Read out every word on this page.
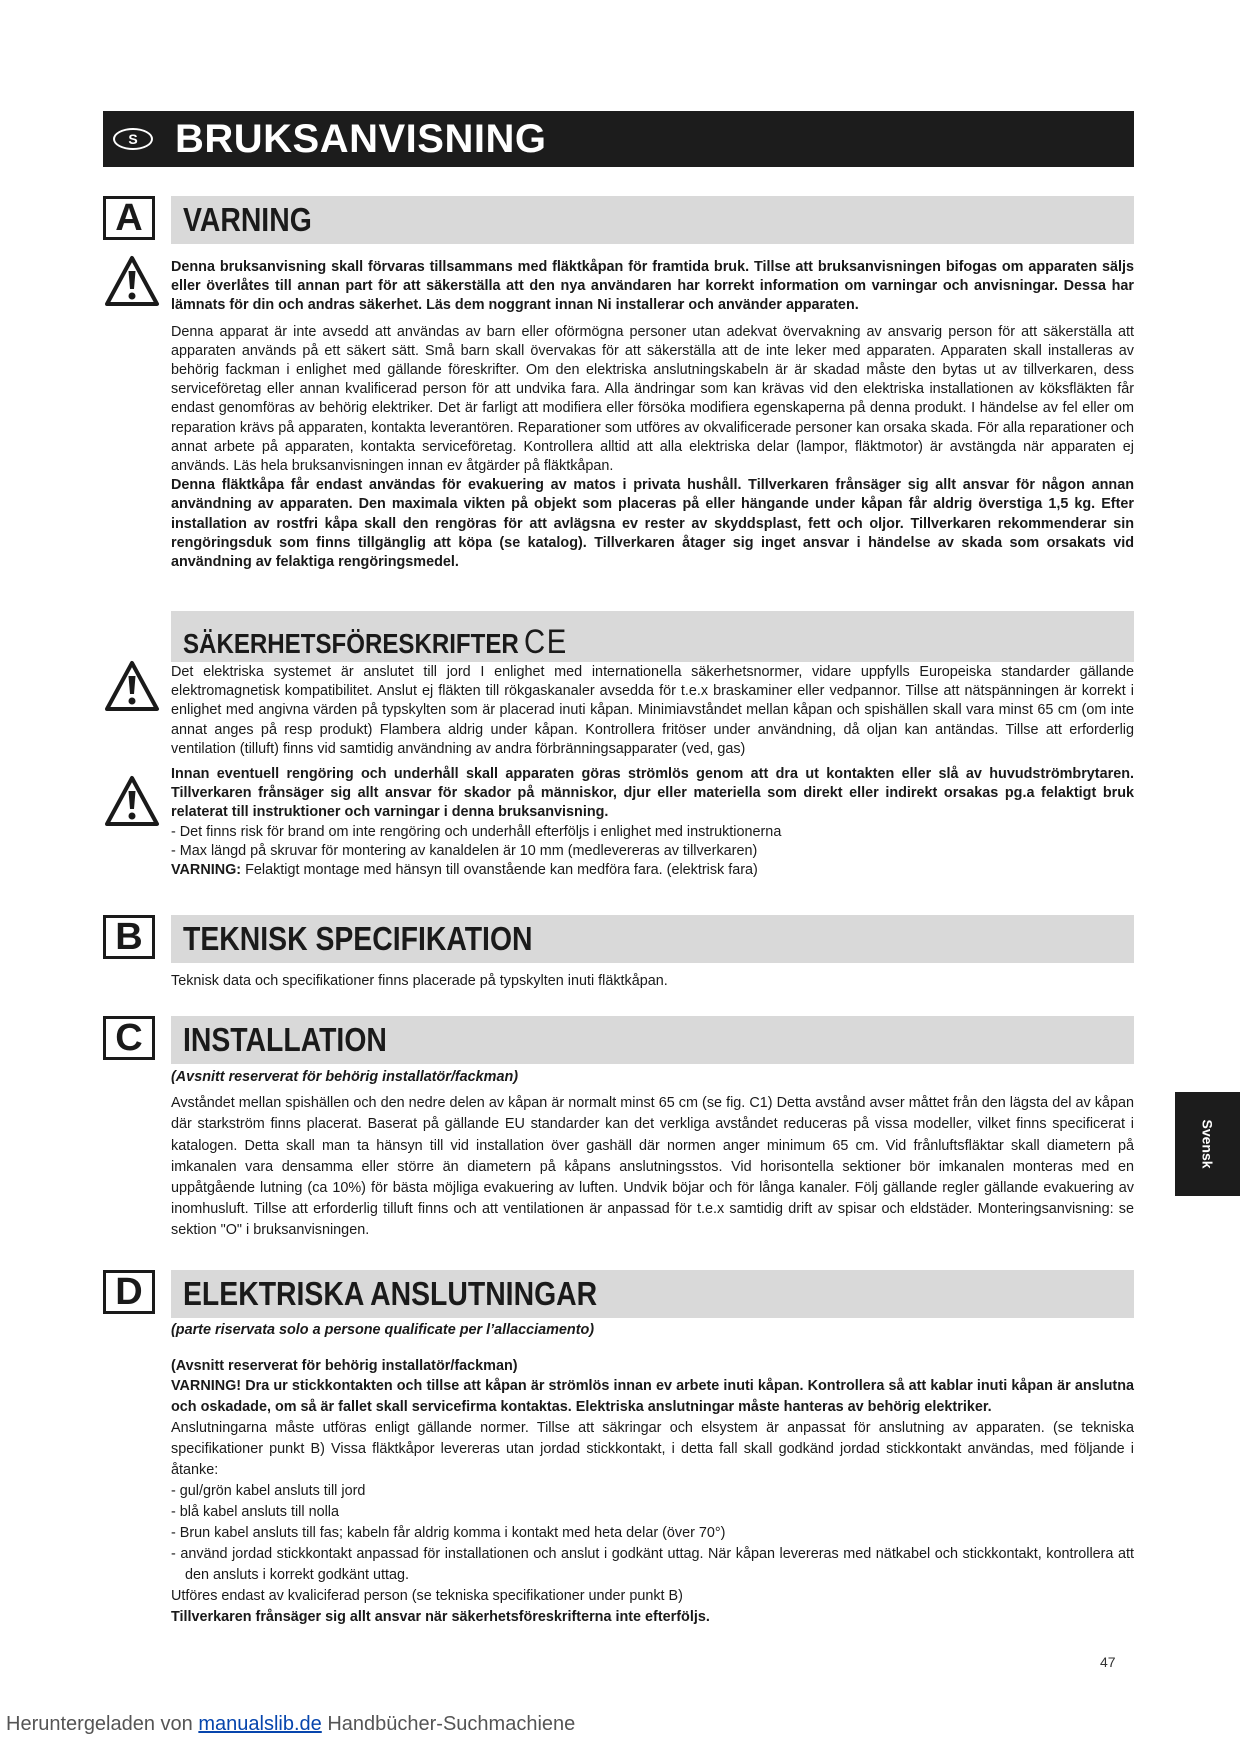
S BRUKSANVISNING
A	VARNING

Denna bruksanvisning skall förvaras tillsammans med fläktkåpan för framtida bruk. Tillse att bruksanvisningen bifogas om apparaten säljs eller överlåtes till annan part för att säkerställa att den nya användaren har korrekt information om varningar och anvisningar. Dessa har lämnats för din och andras säkerhet. Läs dem noggrant innan Ni installerar och använder apparaten.

Denna apparat är inte avsedd att användas av barn eller oförmögna personer utan adekvat övervakning av ansvarig person för att säkerställa att apparaten används på ett säkert sätt. Små barn skall övervakas för att säkerställa att de inte leker med apparaten. Apparaten skall installeras av behörig fackman i enlighet med gällande föreskrifter. Om den elektriska anslutningskabeln är är skadad måste den bytas ut av tillverkaren, dess serviceföretag eller annan kvalificerad person för att undvika fara. Alla ändringar som kan krävas vid den elektriska installationen av köksfläkten får endast genomföras av behörig elektriker. Det är farligt att modifiera eller försöka modifiera egenskaperna på denna produkt. I händelse av fel eller om reparation krävs på apparaten, kontakta leverantören. Reparationer som utföres av okvalificerade personer kan orsaka skada. För alla reparationer och annat arbete på apparaten, kontakta serviceföretag. Kontrollera alltid att alla elektriska delar (lampor, fläktmotor) är avstängda när apparaten ej används. Läs hela bruksanvisningen innan ev åtgärder på fläktkåpan.

Denna fläktkåpa får endast användas för evakuering av matos i privata hushåll. Tillverkaren frånsäger sig allt ansvar för någon annan användning av apparaten. Den maximala vikten på objekt som placeras på eller hängande under kåpan får aldrig överstiga 1,5 kg. Efter installation av rostfri kåpa skall den rengöras för att avlägsna ev rester av skyddsplast, fett och oljor. Tillverkaren rekommenderar sin rengöringsduk som finns tillgänglig att köpa (se katalog). Tillverkaren åtager sig inget ansvar i händelse av skada som orsakats vid användning av felaktiga rengöringsmedel.

SÄKERHETSFÖRESKRIFTER CE

Det elektriska systemet är anslutet till jord I enlighet med internationella säkerhetsnormer, vidare uppfylls Europeiska standarder gällande elektromagnetisk kompatibilitet. Anslut ej fläkten till rökgaskanaler avsedda för t.e.x braskaminer eller vedpannor. Tillse att nätspänningen är korrekt i enlighet med angivna värden på typskylten som är placerad inuti kåpan. Minimiavståndet mellan kåpan och spishällen skall vara minst 65 cm (om inte annat anges på resp produkt) Flambera aldrig under kåpan. Kontrollera fritöser under användning, då oljan kan antändas. Tillse att erforderlig ventilation (tilluft) finns vid samtidig användning av andra förbränningsapparater (ved, gas)

Innan eventuell rengöring och underhåll skall apparaten göras strömlös genom att dra ut kontakten eller slå av huvudströmbrytaren. Tillverkaren frånsäger sig allt ansvar för skador på människor, djur eller materiella som direkt eller indirekt orsakas pg.a felaktigt bruk relaterat till instruktioner och varningar i denna bruksanvisning.

- Det finns risk för brand om inte rengöring och underhåll efterföljs i enlighet med instruktionerna

- Max längd på skruvar för montering av kanaldelen är 10 mm (medlevereras av tillverkaren)

VARNING: Felaktigt montage med hänsyn till ovanstående kan medföra fara. (elektrisk fara)

B	TEKNISK SPECIFIKATION
Teknisk data och specifikationer finns placerade på typskylten inuti fläktkåpan.
C	INSTALLATION

(Avsnitt reserverat för behörig installatör/fackman)

Avståndet mellan spishällen och den nedre delen av kåpan är normalt minst 65 cm (se fig. C1) Detta avstånd avser måttet från den lägsta del av kåpan där starkström finns placerat. Baserat på gällande EU standarder kan det verkliga avståndet reduceras på vissa modeller, vilket finns specificerat i katalogen. Detta skall man ta hänsyn till vid installation över gashäll där normen anger minimum 65 cm. Vid frånluftsfläktar skall diametern på imkanalen vara densamma eller större än diametern på kåpans anslutningsstos. Vid horisontella sektioner bör imkanalen monteras med en uppåtgående lutning (ca 10%) för bästa möjliga evakuering av luften. Undvik böjar och för långa kanaler. Följ gällande regler gällande evakuering av inomhusluft. Tillse att erforderlig tilluft finns och att ventilationen är anpassad för t.e.x samtidig drift av spisar och eldstäder. Monteringsanvisning: se sektion "O" i bruksanvisningen.

D	ELEKTRISKA ANSLUTNINGAR

(parte riservata solo a persone qualificate per l’allacciamento)

(Avsnitt reserverat för behörig installatör/fackman)

VARNING! Dra ur stickkontakten och tillse att kåpan är strömlös innan ev arbete inuti kåpan. Kontrollera så att kablar inuti kåpan är anslutna och oskadade, om så är fallet skall servicefirma kontaktas. Elektriska anslutningar måste hanteras av behörig elektriker.

Anslutningarna måste utföras enligt gällande normer. Tillse att säkringar och elsystem är anpassat för anslutning av apparaten. (se tekniska specifikationer punkt B) Vissa fläktkåpor levereras utan jordad stickkontakt, i detta fall skall godkänd jordad stickkontakt användas, med följande i åtanke:

- gul/grön kabel ansluts till jord
- blå kabel ansluts till nolla
- Brun kabel ansluts till fas; kabeln får aldrig komma i kontakt med heta delar (över 70°)
- använd jordad stickkontakt anpassad för installationen och anslut i godkänt uttag. När kåpan levereras med nätkabel och stickkontakt, kontrollera att den ansluts i korrekt godkänt uttag.

Utföres endast av kvaliciferad person (se tekniska specifikationer under punkt B)

Tillverkaren frånsäger sig allt ansvar när säkerhetsföreskrifterna inte efterföljs.

Svensk
47
Heruntergeladen von manualslib.de Handbücher-Suchmachiene
